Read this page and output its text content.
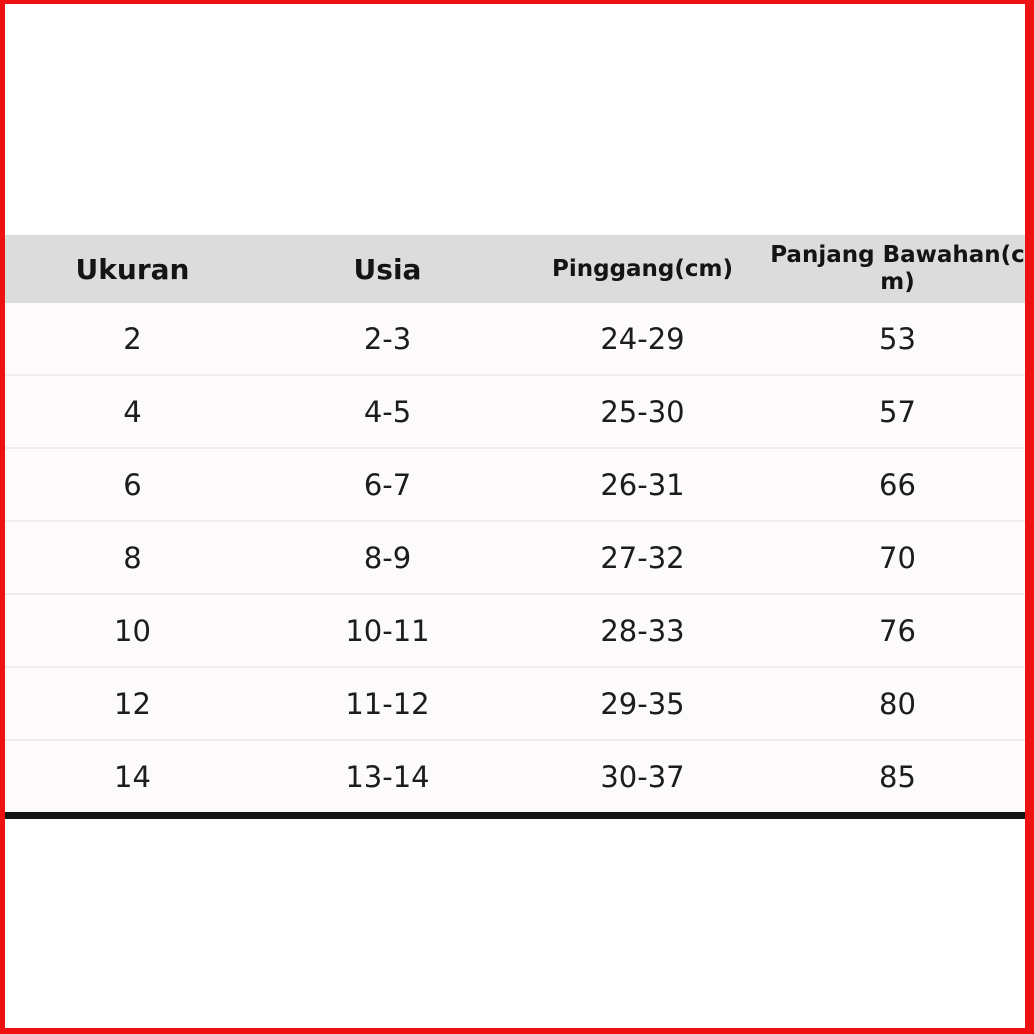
Ukuran	Usia	Pinggang(cm)	Panjang Bawahan(c
m)

2	2-3	24-29	53
4	4-5	25-30	57
6	6-7	26-31	66
8	8-9	27-32	70
10	10-11	28-33	76
12	11-12	29-35	80
14	13-14	30-37	85
